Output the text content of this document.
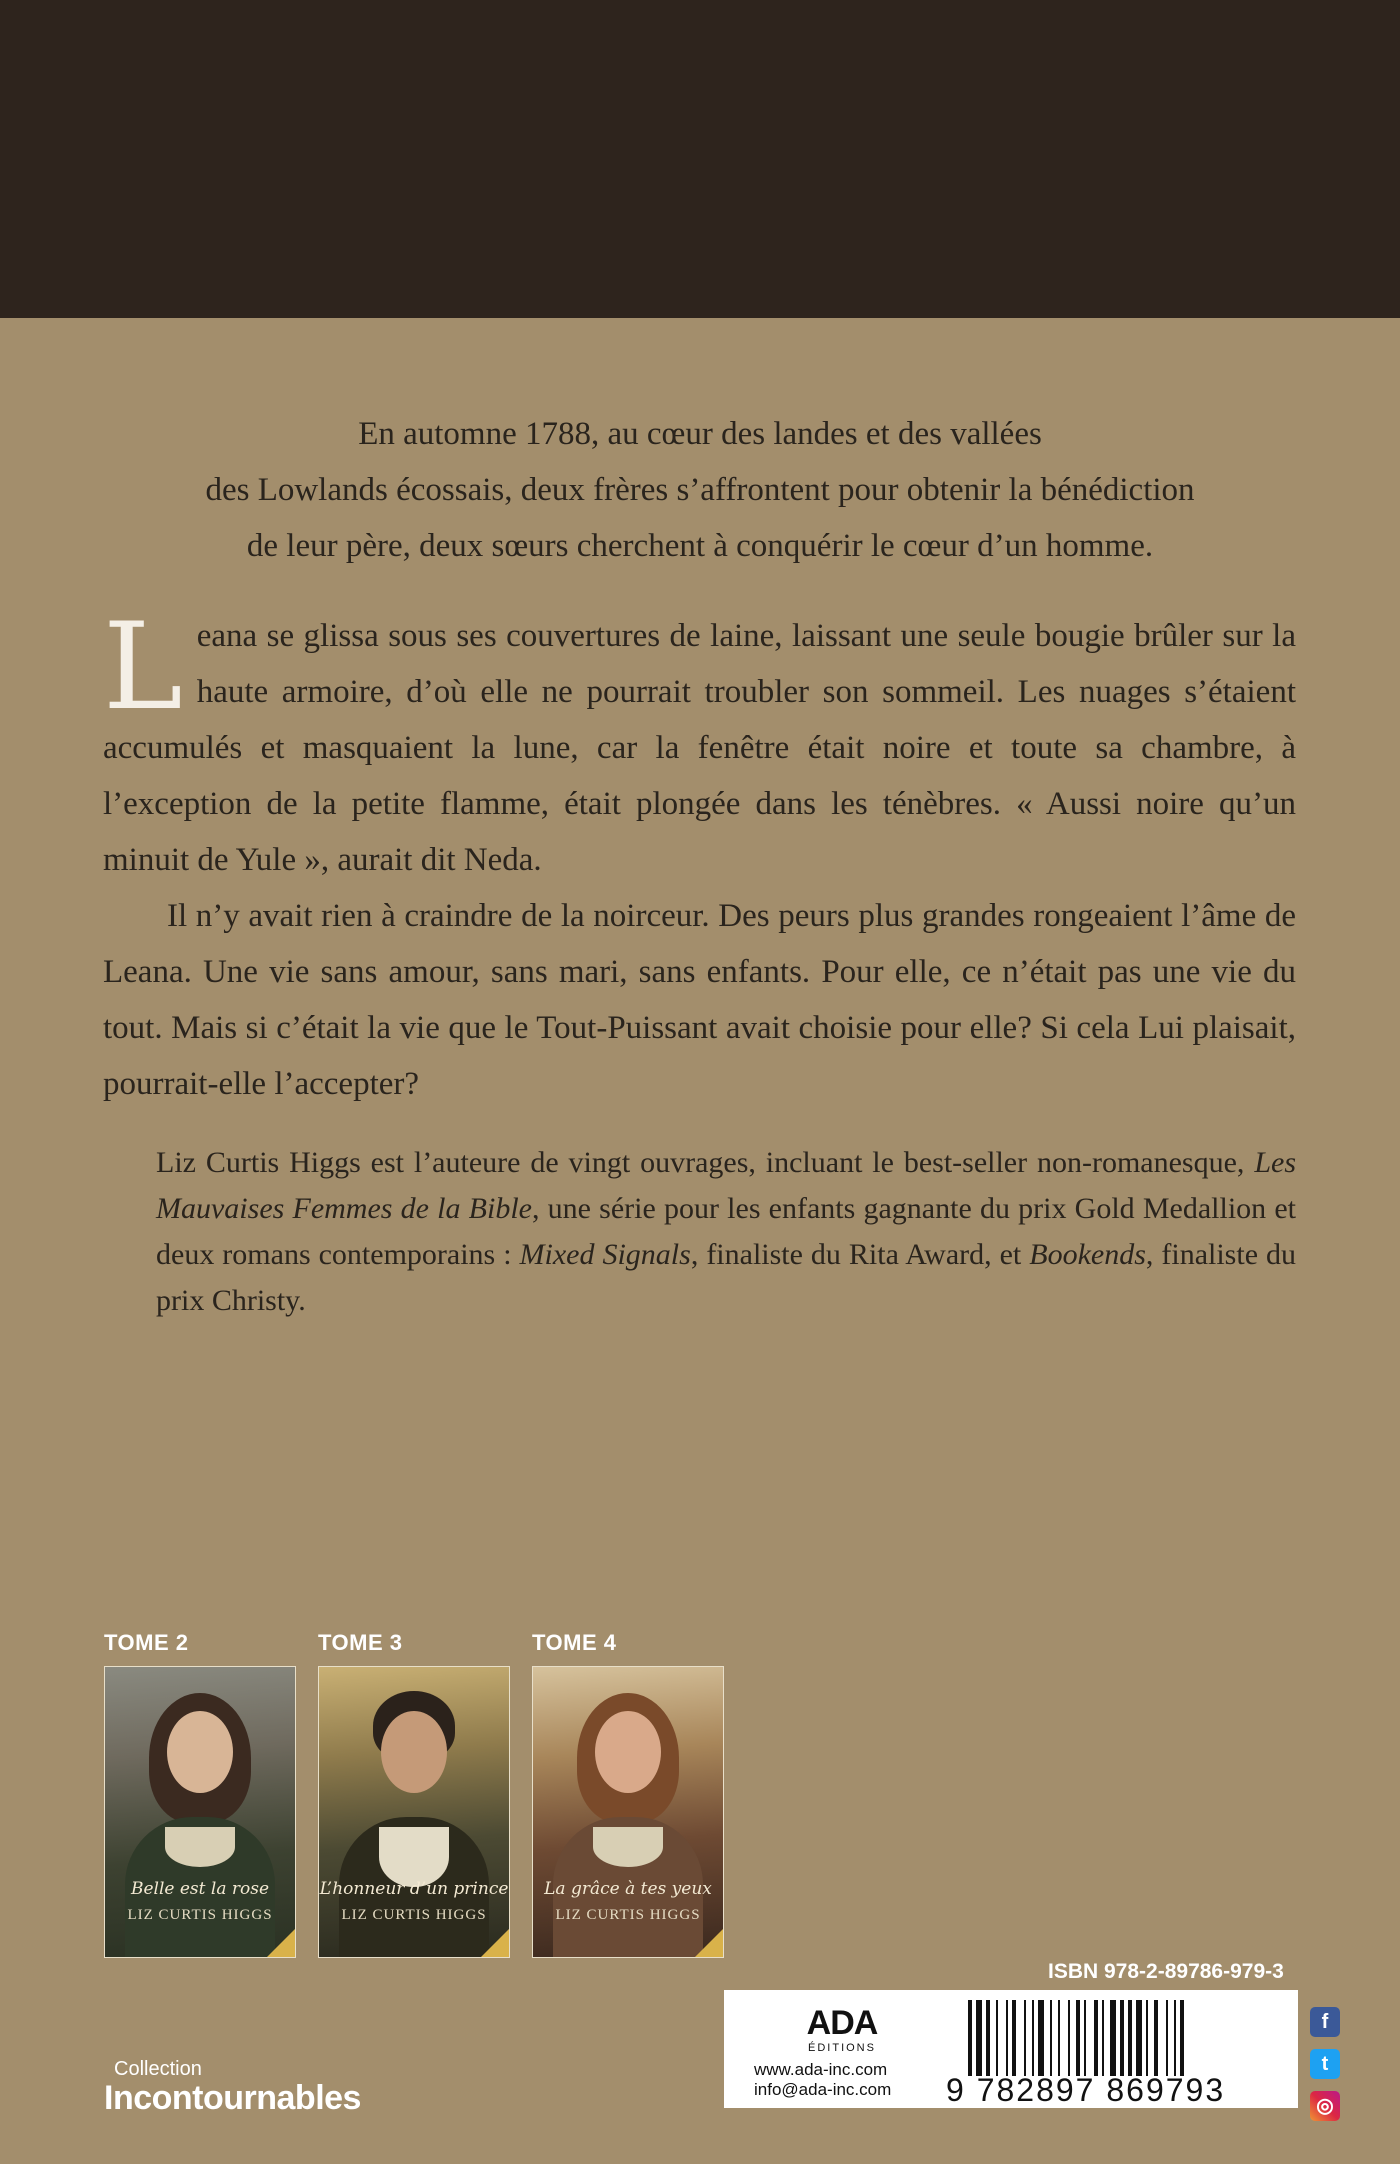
En automne 1788, au cœur des landes et des vallées

des Lowlands écossais, deux frères s’affrontent pour obtenir la bénédiction

de leur père, deux sœurs cherchent à conquérir le cœur d’un homme.

Leana se glissa sous ses couvertures de laine, laissant une seule bougie brûler sur la haute armoire, d’où elle ne pourrait troubler son sommeil. Les nuages s’étaient accumulés et masquaient la lune, car la fenêtre était noire et toute sa chambre, à l’exception de la petite flamme, était plongée dans les ténèbres. « Aussi noire qu’un minuit de Yule », aurait dit Neda.

Il n’y avait rien à craindre de la noirceur. Des peurs plus grandes rongeaient l’âme de Leana. Une vie sans amour, sans mari, sans enfants. Pour elle, ce n’était pas une vie du tout. Mais si c’était la vie que le Tout-Puissant avait choisie pour elle? Si cela Lui plaisait, pourrait-elle l’accepter?

Liz Curtis Higgs est l’auteure de vingt ouvrages, incluant le best-seller non-romanesque, Les Mauvaises Femmes de la Bible, une série pour les enfants gagnante du prix Gold Medallion et deux romans contemporains : Mixed Signals, finaliste du Rita Award, et Bookends, finaliste du prix Christy.

TOME 2
Belle est la rose
LIZ CURTIS HIGGS
TOME 3
L’honneur d’un prince
LIZ CURTIS HIGGS
TOME 4
La grâce à tes yeux
LIZ CURTIS HIGGS
ISBN 978-2-89786-979-3
ADA
ÉDITIONS
www.ada-inc.com
info@ada-inc.com 9 782897 869793
f
t
◎
Collection
Incontournables
